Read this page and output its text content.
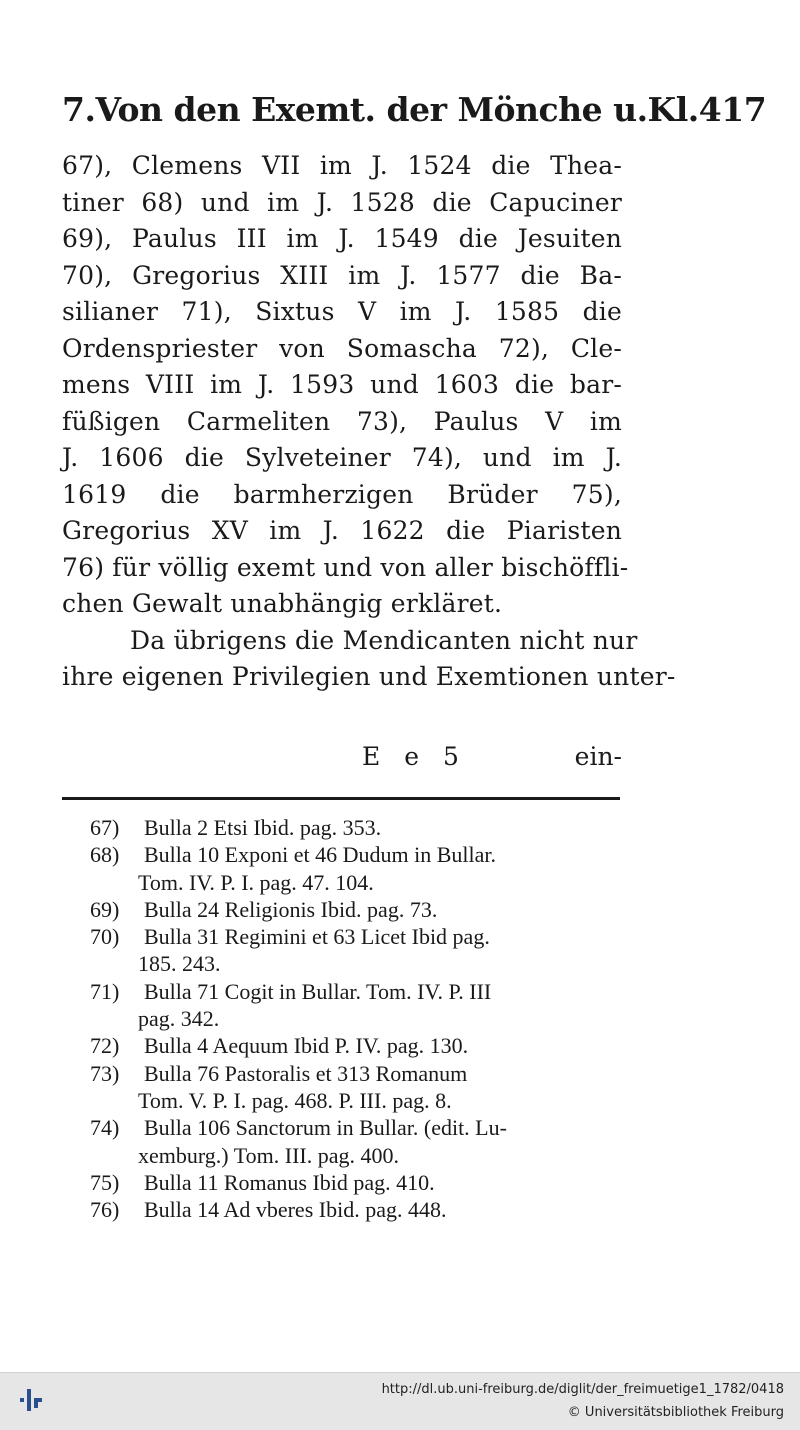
7.Von den Exemt. der Mönche u.Kl. 417
67), Clemens VII im J. 1524 die Thea-
tiner 68) und im J. 1528 die Capuciner
69), Paulus III im J. 1549 die Jesuiten
70), Gregorius XIII im J. 1577 die Ba-
silianer 71), Sixtus V im J. 1585 die
Ordenspriester von Somascha 72), Cle-
mens VIII im J. 1593 und 1603 die bar-
füßigen Carmeliten 73), Paulus V im
J. 1606 die Sylveteiner 74), und im J.
1619 die barmherzigen Brüder 75),
Gregorius XV im J. 1622 die Piaristen
76) für völlig exemt und von aller bischöffli-
chen Gewalt unabhängig erkläret.
Da übrigens die Mendicanten nicht nur
ihre eigenen Privilegien und Exemtionen unter-
E e 5	ein-
67) Bulla 2 Etsi Ibid. pag. 353.
68) Bulla 10 Exponi et 46 Dudum in Bullar.
Tom. IV. P. I. pag. 47. 104.
69) Bulla 24 Religionis Ibid. pag. 73.
70) Bulla 31 Regimini et 63 Licet Ibid pag.
185. 243.
71) Bulla 71 Cogit in Bullar. Tom. IV. P. III
pag. 342.
72) Bulla 4 Aequum Ibid P. IV. pag. 130.
73) Bulla 76 Pastoralis et 313 Romanum
Tom. V. P. I. pag. 468. P. III. pag. 8.
74) Bulla 106 Sanctorum in Bullar. (edit. Lu-
xemburg.) Tom. III. pag. 400.
75) Bulla 11 Romanus Ibid pag. 410.
76) Bulla 14 Ad vberes Ibid. pag. 448.
http://dl.ub.uni-freiburg.de/diglit/der_freimuetige1_1782/0418
© Universitätsbibliothek Freiburg
